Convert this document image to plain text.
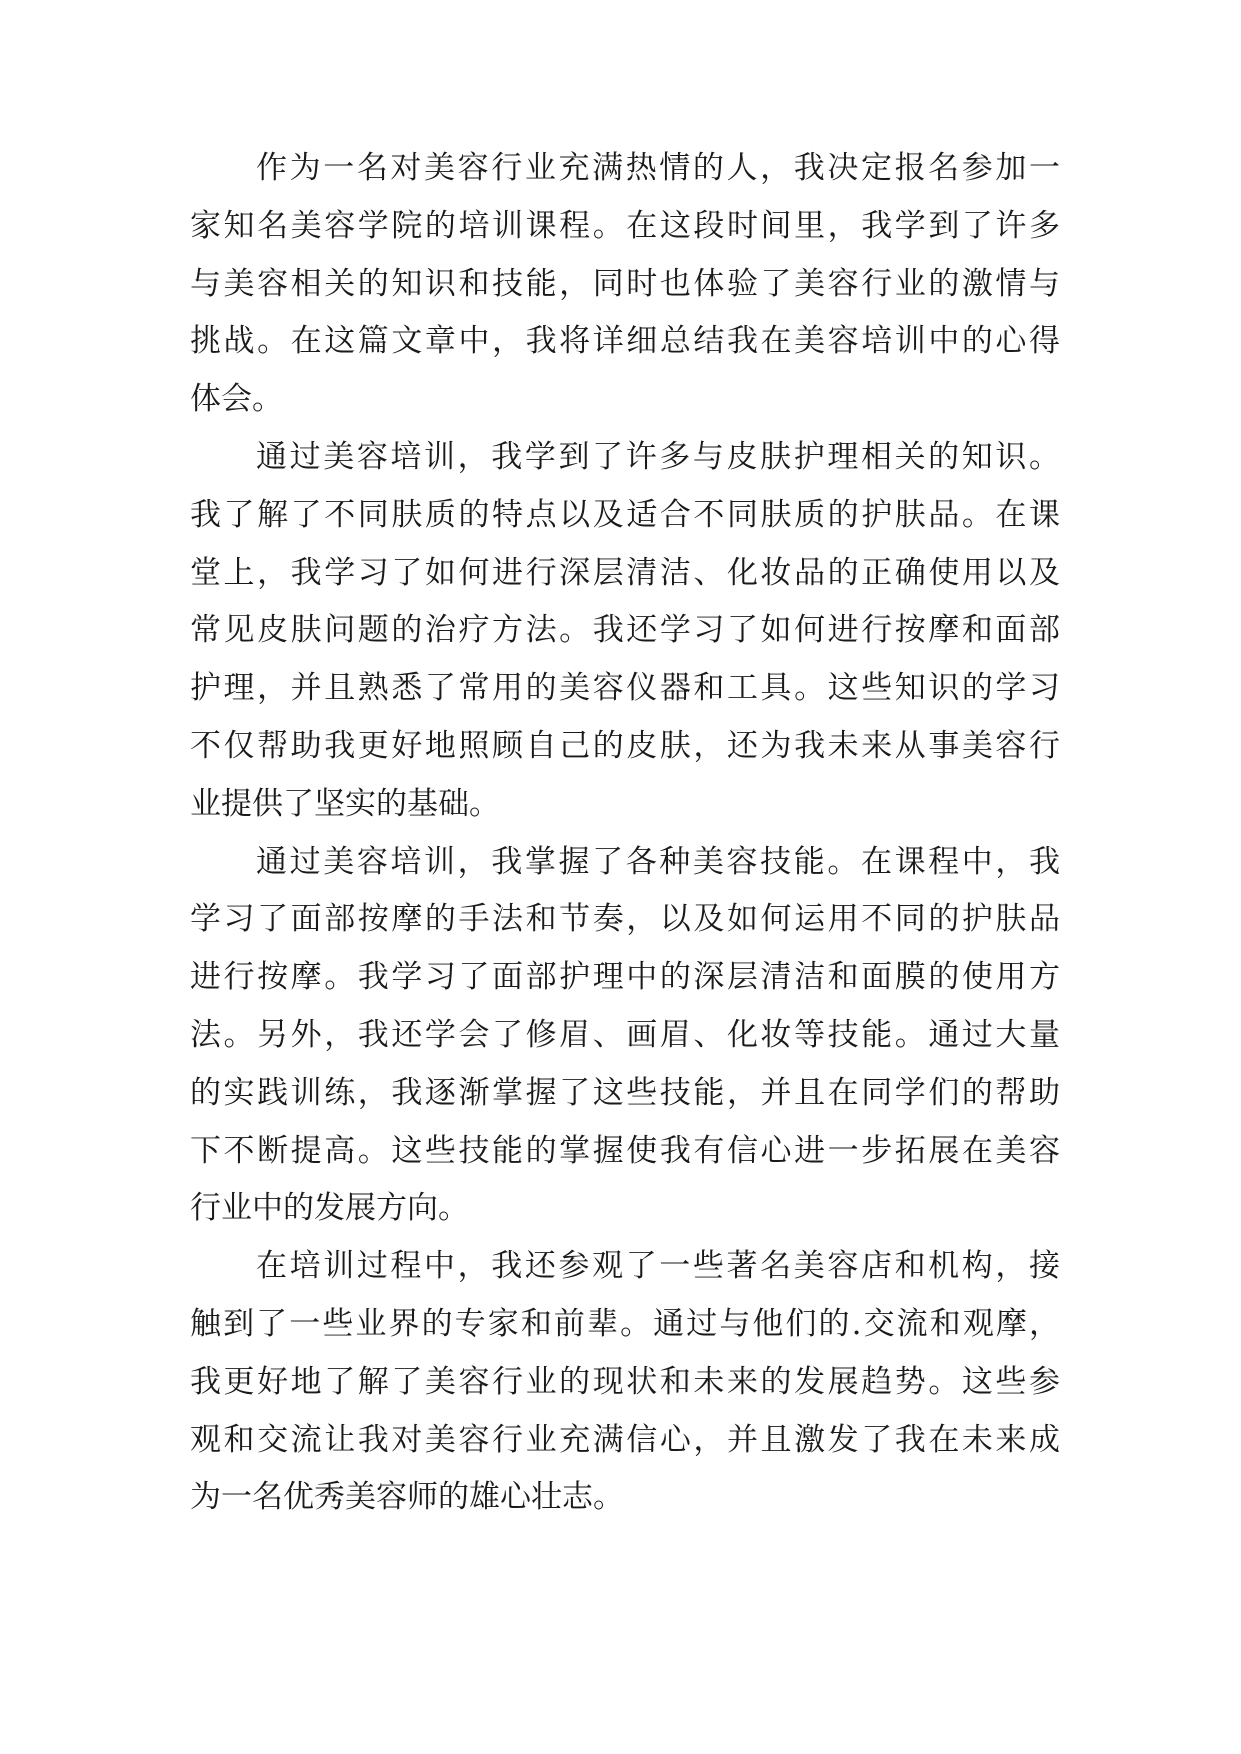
作为一名对美容行业充满热情的人，我决定报名参加一
家知名美容学院的培训课程。在这段时间里，我学到了许多
与美容相关的知识和技能，同时也体验了美容行业的激情与
挑战。在这篇文章中，我将详细总结我在美容培训中的心得
体会。
通过美容培训，我学到了许多与皮肤护理相关的知识。
我了解了不同肤质的特点以及适合不同肤质的护肤品。在课
堂上，我学习了如何进行深层清洁、化妆品的正确使用以及
常见皮肤问题的治疗方法。我还学习了如何进行按摩和面部
护理，并且熟悉了常用的美容仪器和工具。这些知识的学习
不仅帮助我更好地照顾自己的皮肤，还为我未来从事美容行
业提供了坚实的基础。
通过美容培训，我掌握了各种美容技能。在课程中，我
学习了面部按摩的手法和节奏，以及如何运用不同的护肤品
进行按摩。我学习了面部护理中的深层清洁和面膜的使用方
法。另外，我还学会了修眉、画眉、化妆等技能。通过大量
的实践训练，我逐渐掌握了这些技能，并且在同学们的帮助
下不断提高。这些技能的掌握使我有信心进一步拓展在美容
行业中的发展方向。
在培训过程中，我还参观了一些著名美容店和机构，接
触到了一些业界的专家和前辈。通过与他们的.交流和观摩，
我更好地了解了美容行业的现状和未来的发展趋势。这些参
观和交流让我对美容行业充满信心，并且激发了我在未来成
为一名优秀美容师的雄心壮志。
